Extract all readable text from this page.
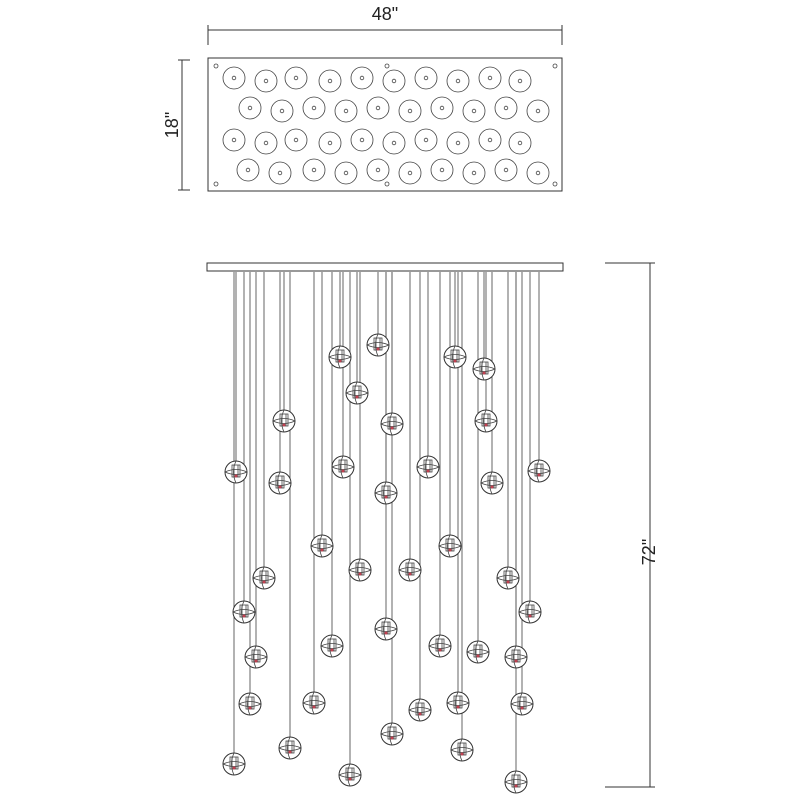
48"
18"
72"
